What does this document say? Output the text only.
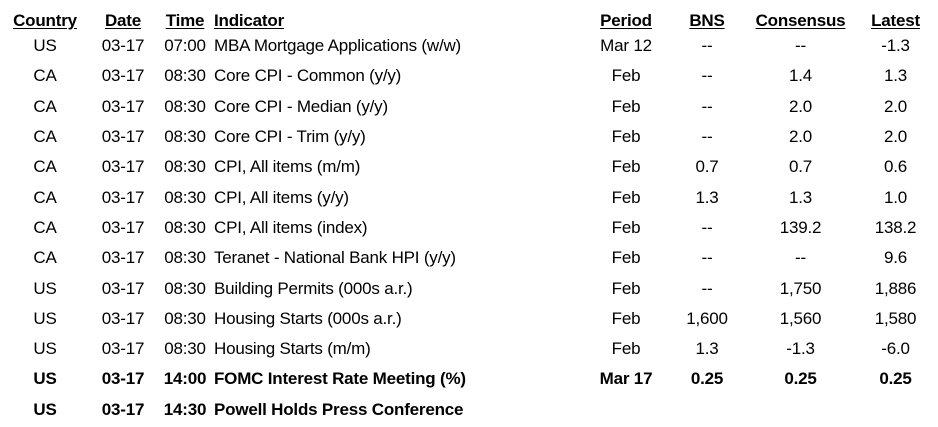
Country	Date	Time	Indicator	Period	BNS	Consensus	Latest
US	03-17	07:00	MBA Mortgage Applications (w/w)	Mar 12	--	--	-1.3
CA	03-17	08:30	Core CPI - Common (y/y)	Feb	--	1.4	1.3
CA	03-17	08:30	Core CPI - Median (y/y)	Feb	--	2.0	2.0
CA	03-17	08:30	Core CPI - Trim (y/y)	Feb	--	2.0	2.0
CA	03-17	08:30	CPI, All items (m/m)	Feb	0.7	0.7	0.6
CA	03-17	08:30	CPI, All items (y/y)	Feb	1.3	1.3	1.0
CA	03-17	08:30	CPI, All items (index)	Feb	--	139.2	138.2
CA	03-17	08:30	Teranet - National Bank HPI (y/y)	Feb	--	--	9.6
US	03-17	08:30	Building Permits (000s a.r.)	Feb	--	1,750	1,886
US	03-17	08:30	Housing Starts (000s a.r.)	Feb	1,600	1,560	1,580
US	03-17	08:30	Housing Starts (m/m)	Feb	1.3	-1.3	-6.0
US	03-17	14:00	FOMC Interest Rate Meeting (%)	Mar 17	0.25	0.25	0.25
US	03-17	14:30	Powell Holds Press Conference				
